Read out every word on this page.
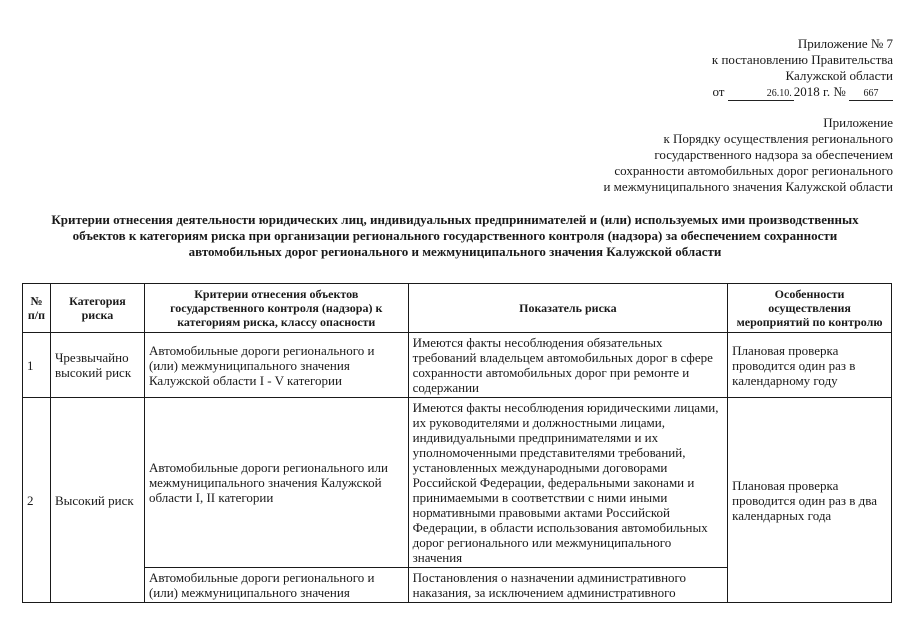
Приложение № 7
к постановлению Правительства
Калужской области
от	26.10. 2018 г. № 667
Приложение
к Порядку осуществления регионального
государственного надзора за обеспечением
сохранности автомобильных дорог регионального
и межмуниципального значения Калужской области
Критерии отнесения деятельности юридических лиц, индивидуальных предпринимателей и (или) используемых ими производственных
объектов к категориям риска при организации регионального государственного контроля (надзора) за обеспечением сохранности
автомобильных дорог регионального и межмуниципального значения Калужской области
№ п/п	Категория риска	Критерии отнесения объектов государственного контроля (надзора) к категориям риска, классу опасности	Показатель риска	Особенности осуществления мероприятий по контролю
1	Чрезвычайно высокий риск	Автомобильные дороги регионального и (или) межмуниципального значения Калужской области I - V категории	Имеются факты несоблюдения обязательных требований владельцем автомобильных дорог в сфере сохранности автомобильных дорог при ремонте и содержании	Плановая проверка проводится один раз в календарному году
2	Высокий риск	Автомобильные дороги регионального или межмуниципального значения Калужской области I, II категории	Имеются факты несоблюдения юридическими лицами, их руководителями и должностными лицами, индивидуальными предпринимателями и их уполномоченными представителями требований, установленных международными договорами Российской Федерации, федеральными законами и принимаемыми в соответствии с ними иными нормативными правовыми актами Российской Федерации, в области использования автомобильных дорог регионального или межмуниципального значения	Плановая проверка проводится один раз в два календарных года
		Автомобильные дороги регионального и (или) межмуниципального значения	Постановления о назначении административного наказания, за исключением административного	
